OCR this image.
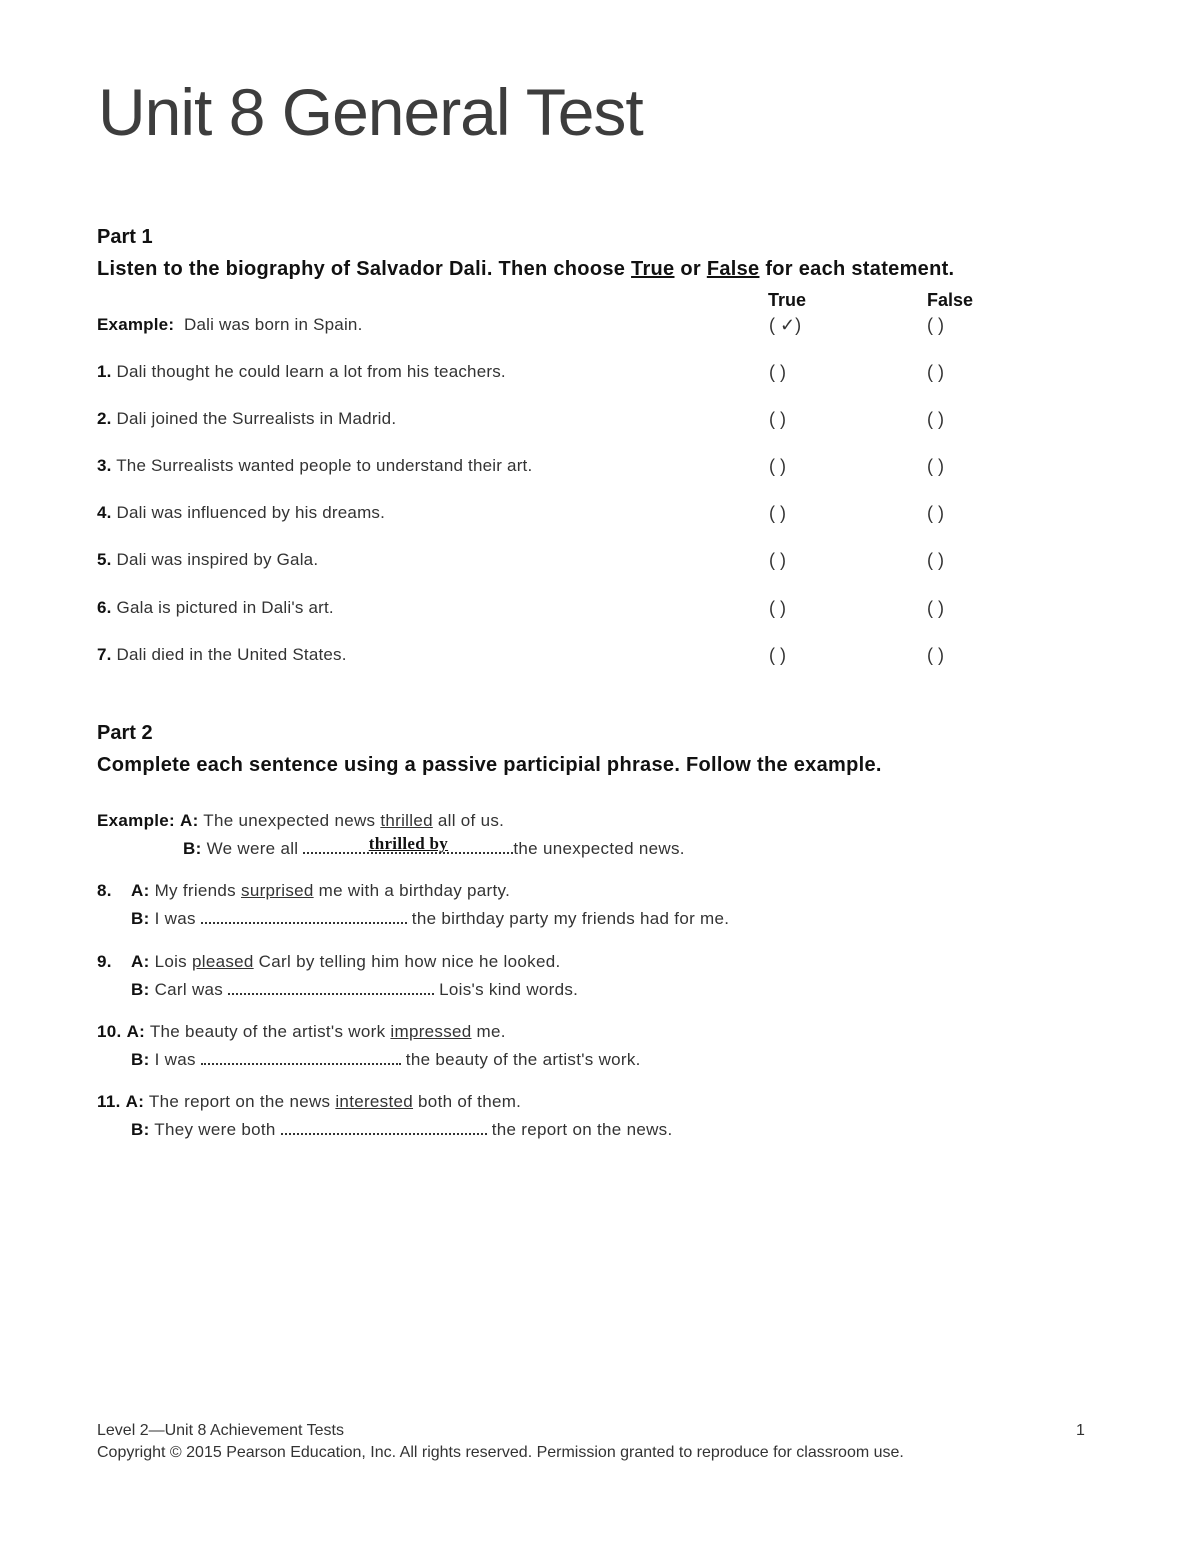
Unit 8 General Test
Part 1
Listen to the biography of Salvador Dali. Then choose True or False for each statement.
True	False
Example: Dali was born in Spain.	( ✓)	( )
1. Dali thought he could learn a lot from his teachers.	( )	( )
2. Dali joined the Surrealists in Madrid.	( )	( )
3. The Surrealists wanted people to understand their art.	( )	( )
4. Dali was influenced by his dreams.	( )	( )
5. Dali was inspired by Gala.	( )	( )
6. Gala is pictured in Dali's art.	( )	( )
7. Dali died in the United States.	( )	( )
Part 2
Complete each sentence using a passive participial phrase. Follow the example.
Example: A: The unexpected news thrilled all of us.
B: We were all	thrilled by	the unexpected news.
8. A: My friends surprised me with a birthday party.
B: I was	the birthday party my friends had for me.
9. A: Lois pleased Carl by telling him how nice he looked.
B: Carl was	Lois's kind words.
10. A: The beauty of the artist's work impressed me.
B: I was	the beauty of the artist's work.
11. A: The report on the news interested both of them.
B: They were both	the report on the news.
Level 2—Unit 8 Achievement Tests	1
Copyright © 2015 Pearson Education, Inc. All rights reserved. Permission granted to reproduce for classroom use.
